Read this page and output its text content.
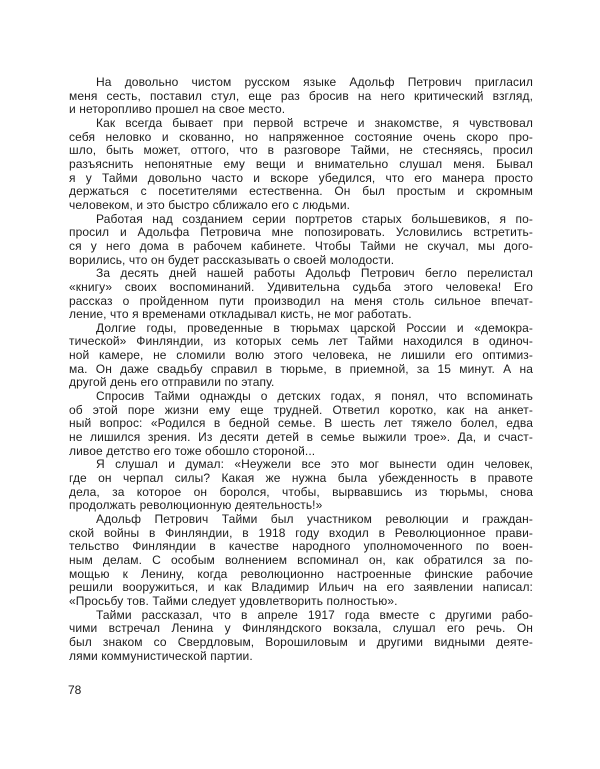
На довольно чистом русском языке Адольф Петрович пригласил
меня сесть, поставил стул, еще раз бросив на него критический взгляд,
и неторопливо прошел на свое место.
Как всегда бывает при первой встрече и знакомстве, я чувствовал
себя неловко и скованно, но напряженное состояние очень скоро про-
шло, быть может, оттого, что в разговоре Тайми, не стесняясь, просил
разъяснить непонятные ему вещи и внимательно слушал меня. Бывал
я у Тайми довольно часто и вскоре убедился, что его манера просто
держаться с посетителями естественна. Он был простым и скромным
человеком, и это быстро сближало его с людьми.
Работая над созданием серии портретов старых большевиков, я по-
просил и Адольфа Петровича мне попозировать. Условились встретить-
ся у него дома в рабочем кабинете. Чтобы Тайми не скучал, мы дого-
ворились, что он будет рассказывать о своей молодости.
За десять дней нашей работы Адольф Петрович бегло перелистал
«книгу» своих воспоминаний. Удивительна судьба этого человека! Его
рассказ о пройденном пути производил на меня столь сильное впечат-
ление, что я временами откладывал кисть, не мог работать.
Долгие годы, проведенные в тюрьмах царской России и «демокра-
тической» Финляндии, из которых семь лет Тайми находился в одиноч-
ной камере, не сломили волю этого человека, не лишили его оптимиз-
ма. Он даже свадьбу справил в тюрьме, в приемной, за 15 минут. А на
другой день его отправили по этапу.
Спросив Тайми однажды о детских годах, я понял, что вспоминать
об этой поре жизни ему еще трудней. Ответил коротко, как на анкет-
ный вопрос: «Родился в бедной семье. В шесть лет тяжело болел, едва
не лишился зрения. Из десяти детей в семье выжили трое». Да, и счаст-
ливое детство его тоже обошло стороной...
Я слушал и думал: «Неужели все это мог вынести один человек,
где он черпал силы? Какая же нужна была убежденность в правоте
дела, за которое он боролся, чтобы, вырвавшись из тюрьмы, снова
продолжать революционную деятельность!»
Адольф Петрович Тайми был участником революции и граждан-
ской войны в Финляндии, в 1918 году входил в Революционное прави-
тельство Финляндии в качестве народного уполномоченного по воен-
ным делам. С особым волнением вспоминал он, как обратился за по-
мощью к Ленину, когда революционно настроенные финские рабочие
решили вооружиться, и как Владимир Ильич на его заявлении написал:
«Просьбу тов. Тайми следует удовлетворить полностью».
Тайми рассказал, что в апреле 1917 года вместе с другими рабо-
чими встречал Ленина у Финляндского вокзала, слушал его речь. Он
был знаком со Свердловым, Ворошиловым и другими видными деяте-
лями коммунистической партии.
78
